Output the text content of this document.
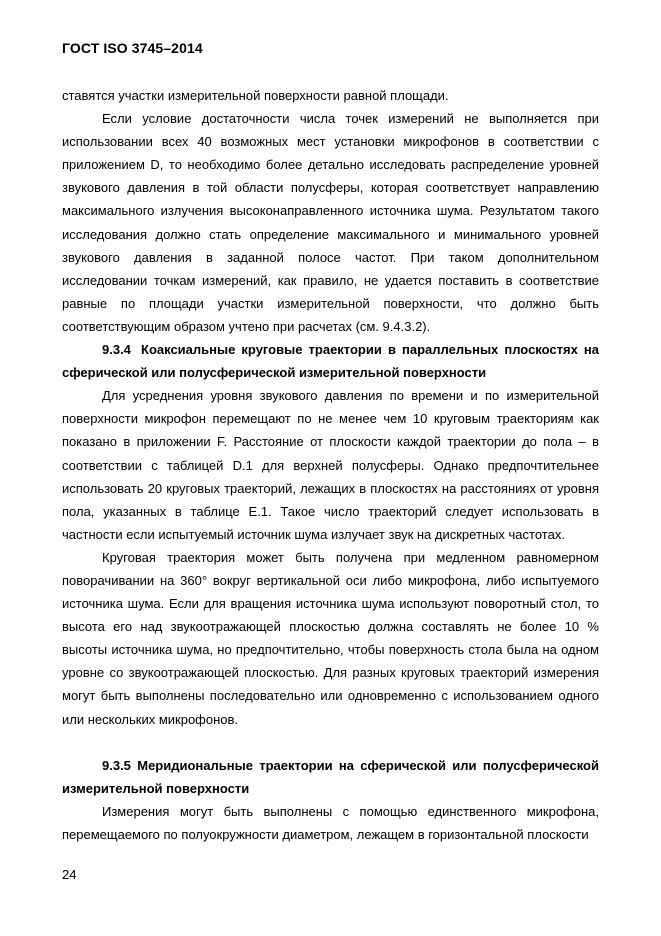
ГОСТ ISO 3745–2014

ставятся участки измерительной поверхности равной площади.

Если условие достаточности числа точек измерений не выполняется при использовании всех 40 возможных мест установки микрофонов в соответствии с приложением D, то необходимо более детально исследовать распределение уровней звукового давления в той области полусферы, которая соответствует направлению максимального излучения высоконаправленного источника шума. Результатом такого исследования должно стать определение максимального и минимального уровней звукового давления в заданной полосе частот. При таком дополнительном исследовании точкам измерений, как правило, не удается поставить в соответствие равные по площади участки измерительной поверхности, что должно быть соответствующим образом учтено при расчетах (см. 9.4.3.2).

9.3.4 Коаксиальные круговые траектории в параллельных плоскостях на сферической или полусферической измерительной поверхности

Для усреднения уровня звукового давления по времени и по измерительной поверхности микрофон перемещают по не менее чем 10 круговым траекториям как показано в приложении F. Расстояние от плоскости каждой траектории до пола – в соответствии с таблицей D.1 для верхней полусферы. Однако предпочтительнее использовать 20 круговых траекторий, лежащих в плоскостях на расстояниях от уровня пола, указанных в таблице E.1. Такое число траекторий следует использовать в частности если испытуемый источник шума излучает звук на дискретных частотах.

Круговая траектория может быть получена при медленном равномерном поворачивании на 360° вокруг вертикальной оси либо микрофона, либо испытуемого источника шума. Если для вращения источника шума используют поворотный стол, то высота его над звукоотражающей плоскостью должна составлять не более 10 % высоты источника шума, но предпочтительно, чтобы поверхность стола была на одном уровне со звукоотражающей плоскостью. Для разных круговых траекторий измерения могут быть выполнены последовательно или одновременно с использованием одного или нескольких микрофонов.

9.3.5 Меридиональные траектории на сферической или полусферической измерительной поверхности

Измерения могут быть выполнены с помощью единственного микрофона, перемещаемого по полуокружности диаметром, лежащем в горизонтальной плоскости

24
